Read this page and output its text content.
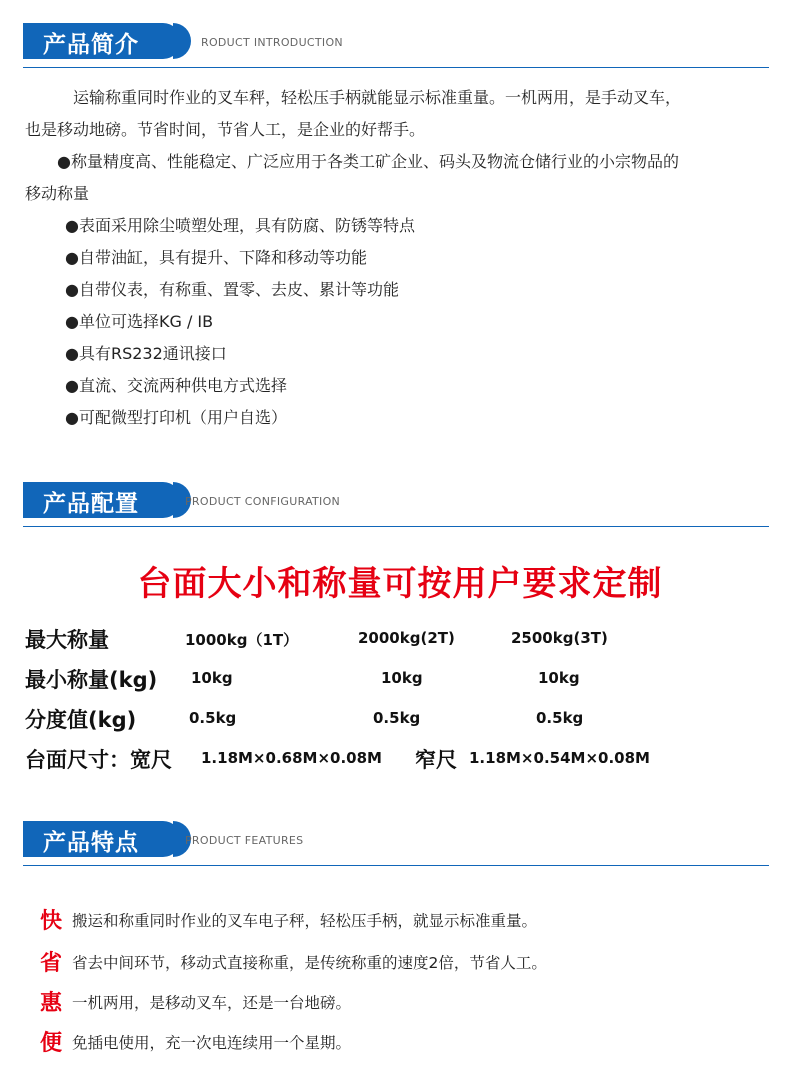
产品简介	RODUCT INTRODUCTION
运输称重同时作业的叉车秤，轻松压手柄就能显示标准重量。一机两用，是手动叉车，
也是移动地磅。节省时间，节省人工，是企业的好帮手。
●称量精度高、性能稳定、广泛应用于各类工矿企业、码头及物流仓储行业的小宗物品的
移动称量
●表面采用除尘喷塑处理，具有防腐、防锈等特点
●自带油缸，具有提升、下降和移动等功能
●自带仪表，有称重、置零、去皮、累计等功能
●单位可选择KG / IB
●具有RS232通讯接口
●直流、交流两种供电方式选择
●可配微型打印机（用户自选）
产品配置	PRODUCT CONFIGURATION
台面大小和称量可按用户要求定制
最大称量	1000kg（1T）	2000kg(2T)	2500kg(3T)
最小称量(kg) 10kg	10kg	10kg
分度值(kg)	0.5kg	0.5kg	0.5kg
台面尺寸：宽尺 1.18M×0.68M×0.08M 窄尺 1.18M×0.54M×0.08M
产品特点	PRODUCT FEATURES
快 搬运和称重同时作业的叉车电子秤，轻松压手柄，就显示标准重量。
省 省去中间环节，移动式直接称重，是传统称重的速度2倍，节省人工。
惠 一机两用，是移动叉车，还是一台地磅。
便 免插电使用，充一次电连续用一个星期。
